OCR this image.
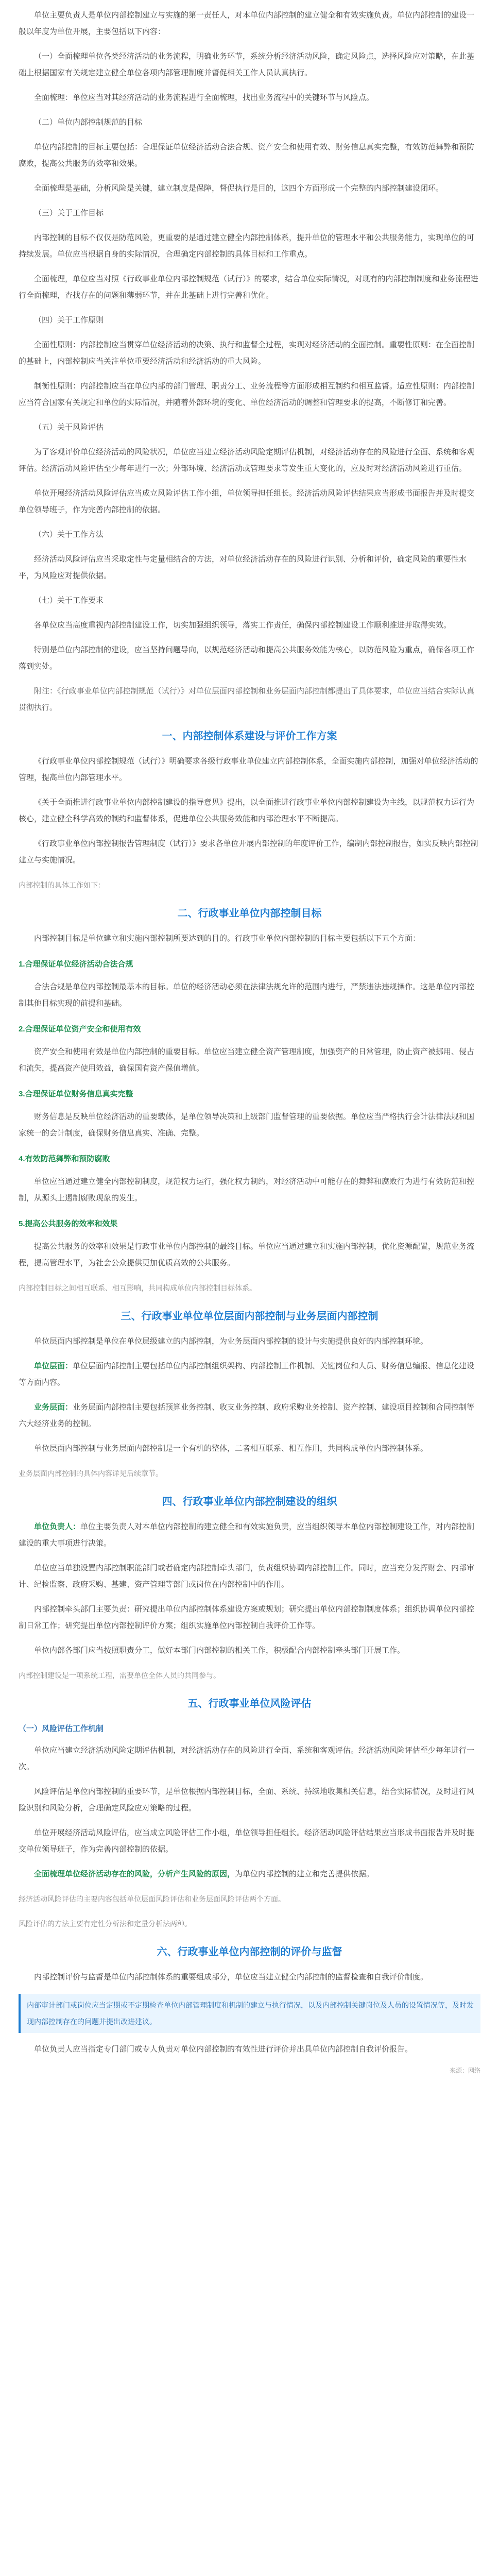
单位主要负责人是单位内部控制建立与实施的第一责任人，对本单位内部控制的建立健全和有效实施负责。单位内部控制的建设一般以年度为单位开展，主要包括以下内容：

（一）全面梳理单位各类经济活动的业务流程，明确业务环节，系统分析经济活动风险，确定风险点，选择风险应对策略，在此基础上根据国家有关规定建立健全单位各项内部管理制度并督促相关工作人员认真执行。

全面梳理：单位应当对其经济活动的业务流程进行全面梳理，找出业务流程中的关键环节与风险点。

（二）单位内部控制规范的目标

单位内部控制的目标主要包括：合理保证单位经济活动合法合规、资产安全和使用有效、财务信息真实完整，有效防范舞弊和预防腐败，提高公共服务的效率和效果。

全面梳理是基础，分析风险是关键，建立制度是保障，督促执行是目的，这四个方面形成一个完整的内部控制建设闭环。

（三）关于工作目标

内部控制的目标不仅仅是防范风险，更重要的是通过建立健全内部控制体系，提升单位的管理水平和公共服务能力，实现单位的可持续发展。单位应当根据自身的实际情况，合理确定内部控制的具体目标和工作重点。

全面梳理，单位应当对照《行政事业单位内部控制规范（试行）》的要求，结合单位实际情况，对现有的内部控制制度和业务流程进行全面梳理，查找存在的问题和薄弱环节，并在此基础上进行完善和优化。

（四）关于工作原则

全面性原则：内部控制应当贯穿单位经济活动的决策、执行和监督全过程，实现对经济活动的全面控制。重要性原则：在全面控制的基础上，内部控制应当关注单位重要经济活动和经济活动的重大风险。

制衡性原则：内部控制应当在单位内部的部门管理、职责分工、业务流程等方面形成相互制约和相互监督。适应性原则：内部控制应当符合国家有关规定和单位的实际情况，并随着外部环境的变化、单位经济活动的调整和管理要求的提高，不断修订和完善。

（五）关于风险评估

为了客观评价单位经济活动的风险状况，单位应当建立经济活动风险定期评估机制，对经济活动存在的风险进行全面、系统和客观评估。经济活动风险评估至少每年进行一次；外部环境、经济活动或管理要求等发生重大变化的，应及时对经济活动风险进行重估。

单位开展经济活动风险评估应当成立风险评估工作小组，单位领导担任组长。经济活动风险评估结果应当形成书面报告并及时提交单位领导班子，作为完善内部控制的依据。

（六）关于工作方法

经济活动风险评估应当采取定性与定量相结合的方法，对单位经济活动存在的风险进行识别、分析和评价，确定风险的重要性水平，为风险应对提供依据。

（七）关于工作要求

各单位应当高度重视内部控制建设工作，切实加强组织领导，落实工作责任，确保内部控制建设工作顺利推进并取得实效。

特别是单位内部控制的建设，应当坚持问题导向，以规范经济活动和提高公共服务效能为核心，以防范风险为重点，确保各项工作落到实处。

附注：《行政事业单位内部控制规范（试行）》对单位层面内部控制和业务层面内部控制都提出了具体要求，单位应当结合实际认真贯彻执行。

一、内部控制体系建设与评价工作方案

《行政事业单位内部控制规范（试行）》明确要求各级行政事业单位建立内部控制体系，全面实施内部控制，加强对单位经济活动的管理，提高单位内部管理水平。

《关于全面推进行政事业单位内部控制建设的指导意见》提出，以全面推进行政事业单位内部控制建设为主线，以规范权力运行为核心，建立健全科学高效的制约和监督体系，促进单位公共服务效能和内部治理水平不断提高。

《行政事业单位内部控制报告管理制度（试行）》要求各单位开展内部控制的年度评价工作，编制内部控制报告，如实反映内部控制建立与实施情况。

内部控制的具体工作如下：

二、行政事业单位内部控制目标

内部控制目标是单位建立和实施内部控制所要达到的目的。行政事业单位内部控制的目标主要包括以下五个方面：

1.合理保证单位经济活动合法合规

合法合规是单位内部控制最基本的目标。单位的经济活动必须在法律法规允许的范围内进行，严禁违法违规操作。这是单位内部控制其他目标实现的前提和基础。

2.合理保证单位资产安全和使用有效

资产安全和使用有效是单位内部控制的重要目标。单位应当建立健全资产管理制度，加强资产的日常管理，防止资产被挪用、侵占和流失，提高资产使用效益，确保国有资产保值增值。

3.合理保证单位财务信息真实完整

财务信息是反映单位经济活动的重要载体，是单位领导决策和上级部门监督管理的重要依据。单位应当严格执行会计法律法规和国家统一的会计制度，确保财务信息真实、准确、完整。

4.有效防范舞弊和预防腐败

单位应当通过建立健全内部控制制度，规范权力运行，强化权力制约，对经济活动中可能存在的舞弊和腐败行为进行有效防范和控制，从源头上遏制腐败现象的发生。

5.提高公共服务的效率和效果

提高公共服务的效率和效果是行政事业单位内部控制的最终目标。单位应当通过建立和实施内部控制，优化资源配置，规范业务流程，提高管理水平，为社会公众提供更加优质高效的公共服务。

内部控制目标之间相互联系、相互影响，共同构成单位内部控制目标体系。

三、行政事业单位单位层面内部控制与业务层面内部控制

单位层面内部控制是单位在单位层级建立的内部控制，为业务层面内部控制的设计与实施提供良好的内部控制环境。

单位层面：单位层面内部控制主要包括单位内部控制组织架构、内部控制工作机制、关键岗位和人员、财务信息编报、信息化建设等方面内容。

业务层面：业务层面内部控制主要包括预算业务控制、收支业务控制、政府采购业务控制、资产控制、建设项目控制和合同控制等六大经济业务的控制。

单位层面内部控制与业务层面内部控制是一个有机的整体，二者相互联系、相互作用，共同构成单位内部控制体系。

业务层面内部控制的具体内容详见后续章节。

四、行政事业单位内部控制建设的组织

单位负责人：单位主要负责人对本单位内部控制的建立健全和有效实施负责，应当组织领导本单位内部控制建设工作，对内部控制建设的重大事项进行决策。

单位应当单独设置内部控制职能部门或者确定内部控制牵头部门，负责组织协调内部控制工作。同时，应当充分发挥财会、内部审计、纪检监察、政府采购、基建、资产管理等部门或岗位在内部控制中的作用。

内部控制牵头部门主要负责：研究提出单位内部控制体系建设方案或规划；研究提出单位内部控制制度体系；组织协调单位内部控制日常工作；研究提出单位内部控制评价方案；组织实施单位内部控制自我评价工作等。

单位内部各部门应当按照职责分工，做好本部门内部控制的相关工作，积极配合内部控制牵头部门开展工作。

内部控制建设是一项系统工程，需要单位全体人员的共同参与。

五、行政事业单位风险评估

（一）风险评估工作机制

单位应当建立经济活动风险定期评估机制，对经济活动存在的风险进行全面、系统和客观评估。经济活动风险评估至少每年进行一次。

风险评估是单位内部控制的重要环节，是单位根据内部控制目标，全面、系统、持续地收集相关信息，结合实际情况，及时进行风险识别和风险分析，合理确定风险应对策略的过程。

单位开展经济活动风险评估，应当成立风险评估工作小组，单位领导担任组长。经济活动风险评估结果应当形成书面报告并及时提交单位领导班子，作为完善内部控制的依据。

全面梳理单位经济活动存在的风险，分析产生风险的原因，为单位内部控制的建立和完善提供依据。

经济活动风险评估的主要内容包括单位层面风险评估和业务层面风险评估两个方面。

风险评估的方法主要有定性分析法和定量分析法两种。

六、行政事业单位内部控制的评价与监督

内部控制评价与监督是单位内部控制体系的重要组成部分，单位应当建立健全内部控制的监督检查和自我评价制度。

内部审计部门或岗位应当定期或不定期检查单位内部管理制度和机制的建立与执行情况，以及内部控制关键岗位及人员的设置情况等，及时发现内部控制存在的问题并提出改进建议。

单位负责人应当指定专门部门或专人负责对单位内部控制的有效性进行评价并出具单位内部控制自我评价报告。

来源：网络
